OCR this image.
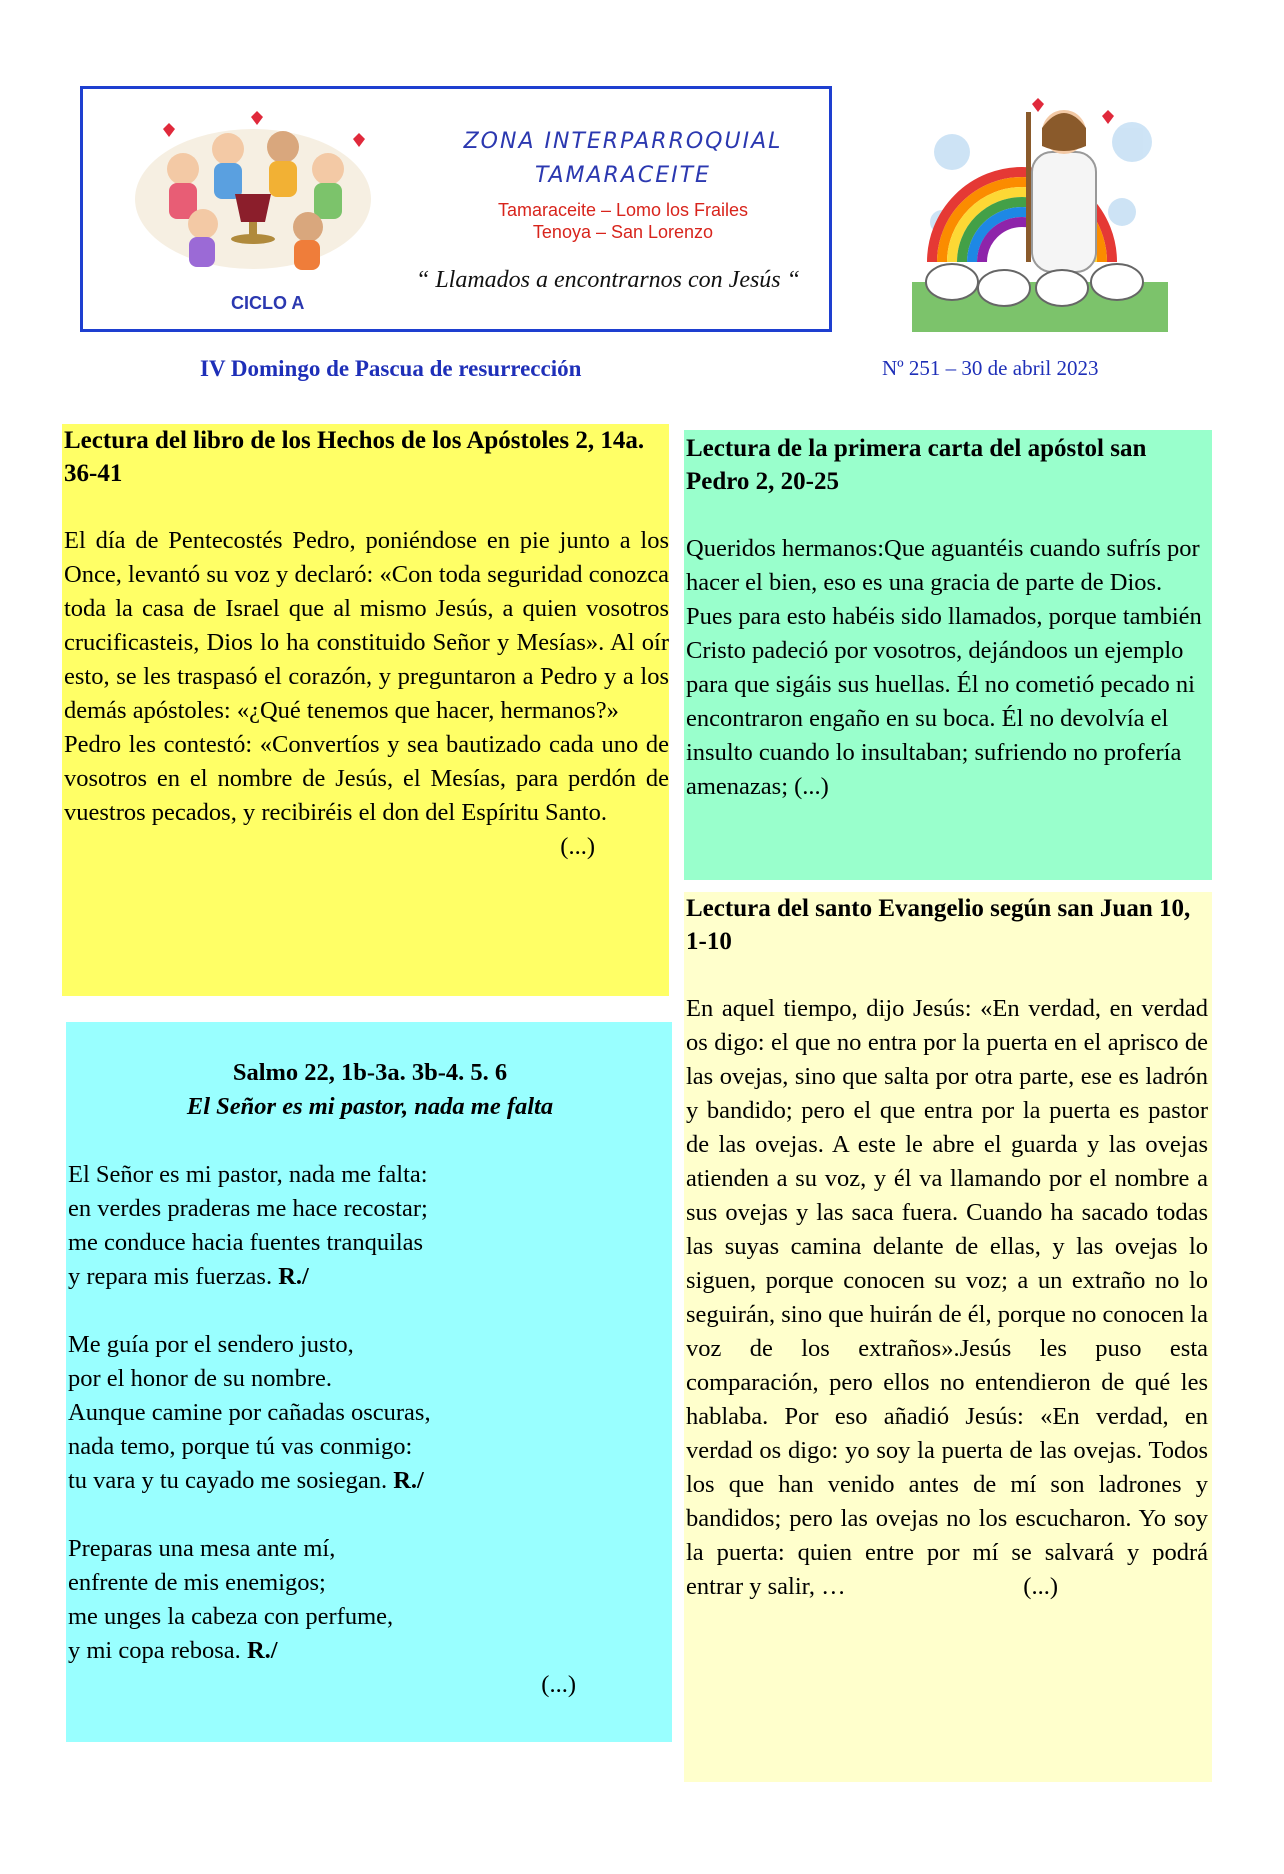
ZONA INTERPARROQUIAL
TAMARACEITE
Tamaraceite – Lomo los Frailes
Tenoya – San Lorenzo
“ Llamados a encontrarnos con Jesús “
CICLO A
IV Domingo de Pascua de resurrección	Nº 251 – 30 de abril 2023
Lectura del libro de los Hechos de los Apóstoles 2, 14a. 36-41

El día de Pentecostés Pedro, poniéndose en pie junto a los Once, levantó su voz y declaró: «Con toda seguridad conozca toda la casa de Israel que al mismo Jesús, a quien vosotros crucificasteis, Dios lo ha constituido Señor y Mesías». Al oír esto, se les traspasó el corazón, y preguntaron a Pedro y a los demás apóstoles: «¿Qué tenemos que hacer, hermanos?»

Pedro les contestó: «Convertíos y sea bautizado cada uno de vosotros en el nombre de Jesús, el Mesías, para perdón de vuestros pecados, y recibiréis el don del Espíritu Santo.

(...)

Lectura de la primera carta del apóstol san Pedro 2, 20-25

Queridos hermanos:Que aguantéis cuando sufrís por hacer el bien, eso es una gracia de parte de Dios. Pues para esto habéis sido llamados, porque también Cristo padeció por vosotros, dejándoos un ejemplo para que sigáis sus huellas. Él no cometió pecado ni encontraron engaño en su boca. Él no devolvía el insulto cuando lo insultaban; sufriendo no profería amenazas; (...)

Salmo 22, 1b-3a. 3b-4. 5. 6

El Señor es mi pastor, nada me falta

El Señor es mi pastor, nada me falta:

en verdes praderas me hace recostar;

me conduce hacia fuentes tranquilas

y repara mis fuerzas. R./

Me guía por el sendero justo,

por el honor de su nombre.

Aunque camine por cañadas oscuras,

nada temo, porque tú vas conmigo:

tu vara y tu cayado me sosiegan. R./

Preparas una mesa ante mí,

enfrente de mis enemigos;

me unges la cabeza con perfume,

y mi copa rebosa. R./

(...)

Lectura del santo Evangelio según san Juan 10, 1-10

En aquel tiempo, dijo Jesús: «En verdad, en verdad os digo: el que no entra por la puerta en el aprisco de las ovejas, sino que salta por otra parte, ese es ladrón y bandido; pero el que entra por la puerta es pastor de las ovejas. A este le abre el guarda y las ovejas atienden a su voz, y él va llamando por el nombre a sus ovejas y las saca fuera. Cuando ha sacado todas las suyas camina delante de ellas, y las ovejas lo siguen, porque conocen su voz; a un extraño no lo seguirán, sino que huirán de él, porque no conocen la voz de los extraños».Jesús les puso esta comparación, pero ellos no entendieron de qué les hablaba. Por eso añadió Jesús: «En verdad, en verdad os digo: yo soy la puerta de las ovejas. Todos los que han venido antes de mí son ladrones y bandidos; pero las ovejas no los escucharon. Yo soy la puerta: quien entre por mí se salvará y podrá entrar y salir, …	(...)
